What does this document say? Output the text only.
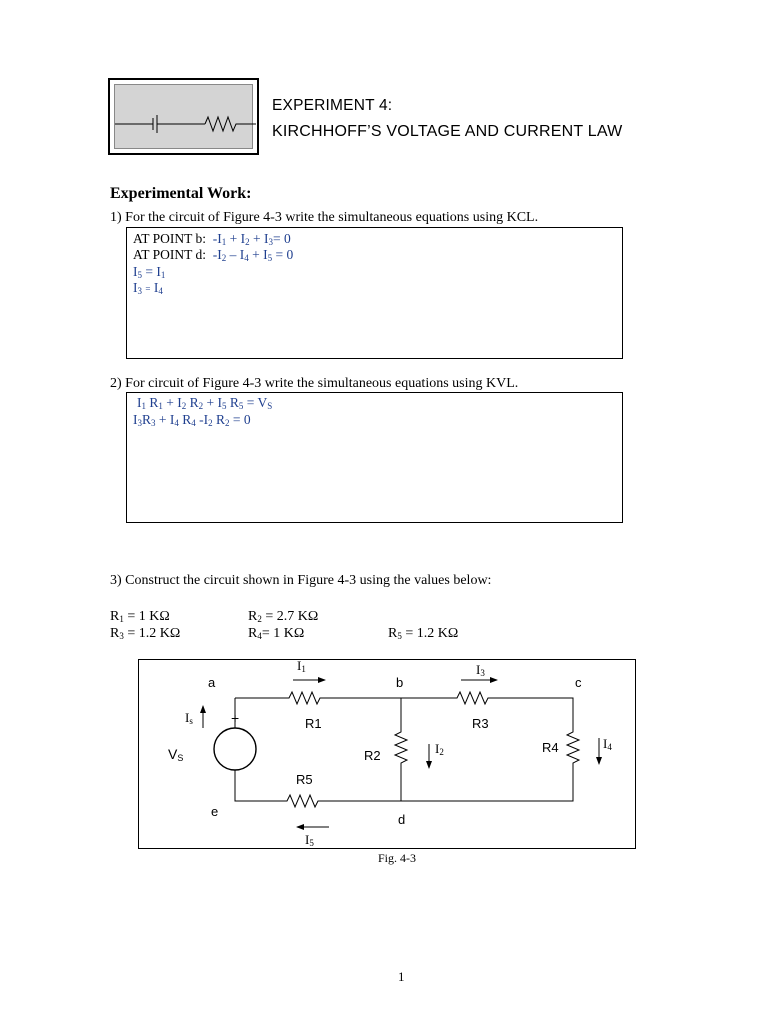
EXPERIMENT 4:
KIRCHHOFF’S VOLTAGE AND CURRENT LAW
Experimental Work:
1) For the circuit of Figure 4-3 write the simultaneous equations using KCL.
AT POINT b: $-I_1 + I_2 + I_3= 0$
AT POINT d: $-I_2 - I_4 + I_5 = 0$
$I_5 = I_1$
$I_3 = I_4$
2) For circuit of Figure 4-3 write the simultaneous equations using KVL.
$I_1$ $R_1 + I_2$ $R_2 + I_5$ $R_5 = V_S$
$I_3R_3 + I_4$ $R_4$ $-I_2$ $R_2 = 0$
3) Construct the circuit shown in Figure 4-3 using the values below:
$R_1 = 1$ KΩ	$R_2 = 2.7$ KΩ
$R_3 = 1.2$ KΩ	$R_4= 1$ KΩ	$R_5 = 1.2$ KΩ
a	b	c
d
e
R1
R2
R3
R4
R5
$I_1$
$I_2$
$I_3$
$I_4$
$I_5$
$I_s$	+
$V_S$
Fig. 4-3
1
